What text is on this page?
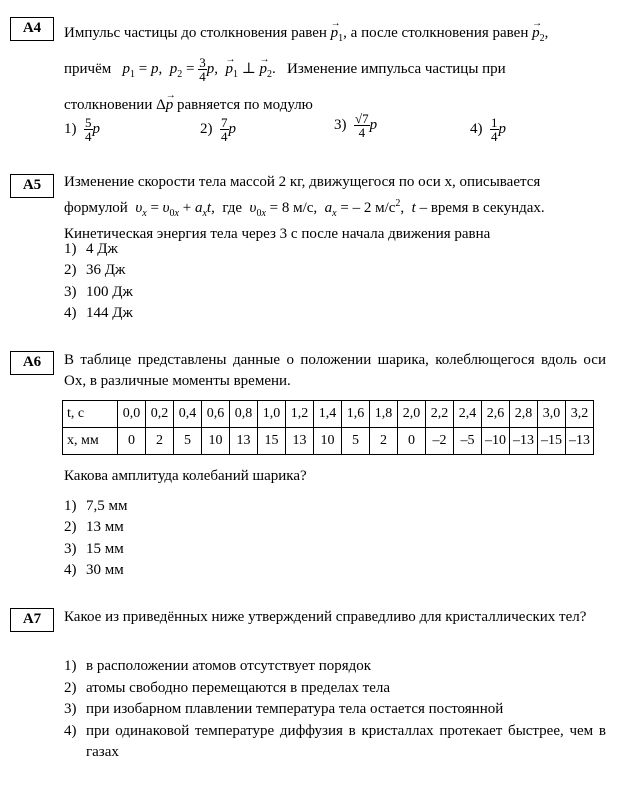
A4	Импульс частицы до столкновения равен → $p_1$, а после столкновения равен → $p_2$,
причём $p_1 = p$,  $p_2 = \frac{3}{4} p$,  → $p_1$ ⊥ → $p_2$.   Изменение импульса частицы при
столкновении Δ→ p равняется по модулю
$1) \frac{5}{4}$ p	$2) \frac{7}{4}$ p	$3) \frac{√7}{4}$ p	$4) \frac{1}{4}$ p
A5	Изменение скорости тела массой 2 кг, движущегося по оси x, описывается
формулой  $\upsilon_x = \upsilon_{0x} + a_xt$,  где  $\upsilon_{0x} = 8$ м/с,  $a_x$ = – 2 $м/с^2$,  t – время в секундах.
Кинетическая энергия тела через 3 с после начала движения равна
1) 4 Дж
2) 36 Дж
3) 100 Дж
4) 144 Дж
A6	В таблице представлены данные о положении шарика, колеблющегося вдоль оси Ox, в различные моменты времени.
t, с	0,0	0,2	0,4	0,6	0,8	1,0	1,2	1,4	1,6	1,8	2,0	2,2	2,4	2,6	2,8	3,0	3,2
x, мм	0	2	5	10	13	15	13	10	5	2	0	–2	–5	–10	–13	–15	–13
Какова амплитуда колебаний шарика?
1) 7,5 мм
2) 13 мм
3) 15 мм
4) 30 мм
A7	Какое из приведённых ниже утверждений справедливо для кристаллических тел?
1) в расположении атомов отсутствует порядок
2) атомы свободно перемещаются в пределах тела
3) при изобарном плавлении температура тела остается постоянной
4) при одинаковой температуре диффузия в кристаллах протекает быстрее, чем в газах
